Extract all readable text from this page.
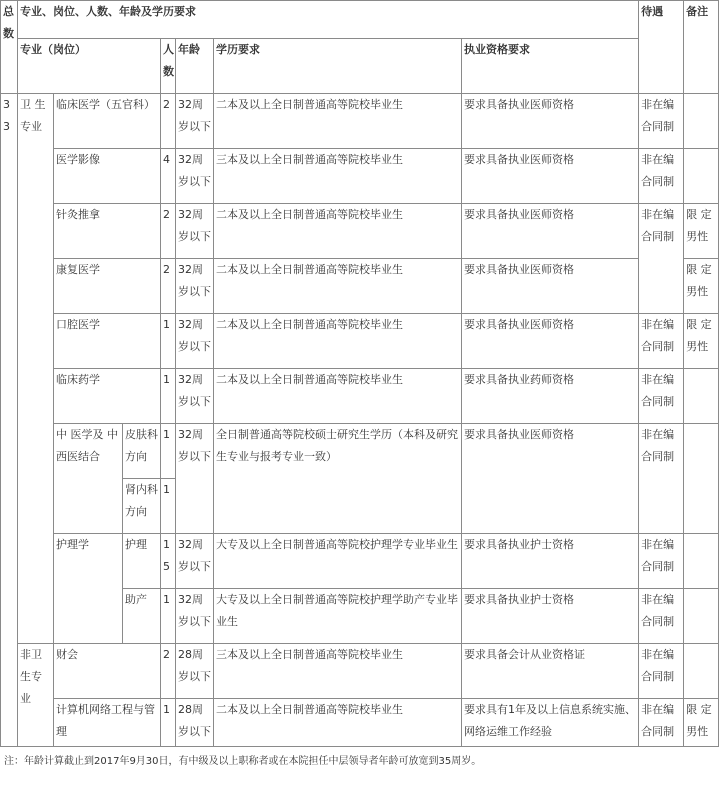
总数	专业、岗位、人数、年龄及学历要求							待遇	备注
	专业（岗位）			人数	年龄	学历要求	执业资格要求		
33	卫 生专业	临床医学（五官科）		2	32周岁以下	二本及以上全日制普通高等院校毕业生	要求具备执业医师资格	非在编合同制	
		医学影像		4	32周岁以下	三本及以上全日制普通高等院校毕业生	要求具备执业医师资格	非在编合同制	
		针灸推拿		2	32周岁以下	二本及以上全日制普通高等院校毕业生	要求具备执业医师资格	非在编合同制	限 定男性
		康复医学		2	32周岁以下	二本及以上全日制普通高等院校毕业生	要求具备执业医师资格		限 定男性
		口腔医学		1	32周岁以下	二本及以上全日制普通高等院校毕业生	要求具备执业医师资格	非在编合同制	限 定男性
		临床药学		1	32周岁以下	二本及以上全日制普通高等院校毕业生	要求具备执业药师资格	非在编合同制	
		中 医学及 中西医结合	皮肤科方向	1	32周岁以下	全日制普通高等院校硕士研究生学历（本科及研究生专业与报考专业一致）	要求具备执业医师资格	非在编合同制	
			肾内科方向	1					
		护理学	护理	15	32周岁以下	大专及以上全日制普通高等院校护理学专业毕业生	要求具备执业护士资格	非在编合同制	
			助产	1	32周岁以下	大专及以上全日制普通高等院校护理学助产专业毕业生	要求具备执业护士资格	非在编合同制	
	非卫生专业	财会		2	28周岁以下	三本及以上全日制普通高等院校毕业生	要求具备会计从业资格证	非在编合同制	
		计算机网络工程与管理		1	28周岁以下	二本及以上全日制普通高等院校毕业生	要求具有1年及以上信息系统实施、网络运维工作经验	非在编合同制	限 定男性
注：年龄计算截止到2017年9月30日，有中级及以上职称者或在本院担任中层领导者年龄可放宽到35周岁。
